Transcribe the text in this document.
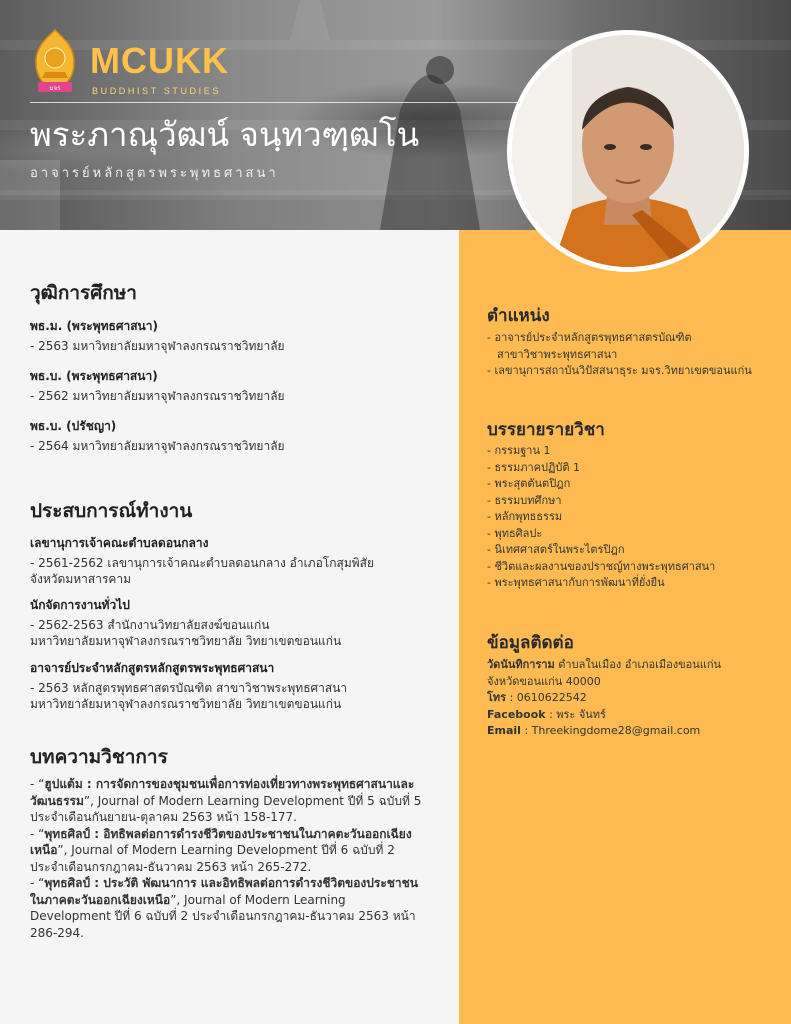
มจร
MCUKK
BUDDHIST STUDIES
พระภาณุวัฒน์ จนฺทวฑฺฒโน
อาจารย์หลักสูตรพระพุทธศาสนา
วุฒิการศึกษา
พธ.ม. (พระพุทธศาสนา)
- 2563 มหาวิทยาลัยมหาจุฬาลงกรณราชวิทยาลัย
พธ.บ. (พระพุทธศาสนา)
- 2562 มหาวิทยาลัยมหาจุฬาลงกรณราชวิทยาลัย
พธ.บ. (ปรัชญา)
- 2564 มหาวิทยาลัยมหาจุฬาลงกรณราชวิทยาลัย
ประสบการณ์ทำงาน
เลขานุการเจ้าคณะตำบลดอนกลาง
- 2561-2562 เลขานุการเจ้าคณะตำบลดอนกลาง อำเภอโกสุมพิสัย
จังหวัดมหาสารคาม
นักจัดการงานทั่วไป
- 2562-2563 สำนักงานวิทยาลัยสงฆ์ขอนแก่น
มหาวิทยาลัยมหาจุฬาลงกรณราชวิทยาลัย วิทยาเขตขอนแก่น
อาจารย์ประจำหลักสูตรหลักสูตรพระพุทธศาสนา
- 2563 หลักสูตรพุทธศาสตรบัณฑิต สาขาวิชาพระพุทธศาสนา
มหาวิทยาลัยมหาจุฬาลงกรณราชวิทยาลัย วิทยาเขตขอนแก่น
บทความวิชาการ
- “ฮูปแต้ม : การจัดการของชุมชนเพื่อการท่องเที่ยวทางพระพุทธศาสนาและวัฒนธรรม”, Journal of Modern Learning Development ปีที่ 5 ฉบับที่ 5 ประจำเดือนกันยายน-ตุลาคม 2563 หน้า 158-177.
- “พุทธศิลป์ : อิทธิพลต่อการดำรงชีวิตของประชาชนในภาคตะวันออกเฉียงเหนือ”, Journal of Modern Learning Development ปีที่ 6 ฉบับที่ 2 ประจำเดือนกรกฎาคม-ธันวาคม 2563 หน้า 265-272.
- “พุทธศิลป์ : ประวัติ พัฒนาการ และอิทธิพลต่อการดำรงชีวิตของประชาชนในภาคตะวันออกเฉียงเหนือ”, Journal of Modern Learning Development ปีที่ 6 ฉบับที่ 2 ประจำเดือนกรกฎาคม-ธันวาคม 2563 หน้า 286-294.
ตำแหน่ง
- อาจารย์ประจำหลักสูตรพุทธศาสตรบัณฑิต
สาขาวิชาพระพุทธศาสนา
- เลขานุการสถาบันวิปัสสนาธุระ มจร.วิทยาเขตขอนแก่น
บรรยายรายวิชา
- กรรมฐาน 1
- ธรรมภาคปฏิบัติ 1
- พระสุตตันตปิฎก
- ธรรมบทศึกษา
- หลักพุทธธรรม
- พุทธศิลปะ
- นิเทศศาสตร์ในพระไตรปิฎก
- ชีวิตและผลงานของปราชญ์ทางพระพุทธศาสนา
- พระพุทธศาสนากับการพัฒนาที่ยั่งยืน
ข้อมูลติดต่อ
วัดนันทิการาม ตำบลในเมือง อำเภอเมืองขอนแก่น
จังหวัดขอนแก่น 40000
โทร : 0610622542
Facebook : พระ จันทร์
Email : Threekingdome28@gmail.com
